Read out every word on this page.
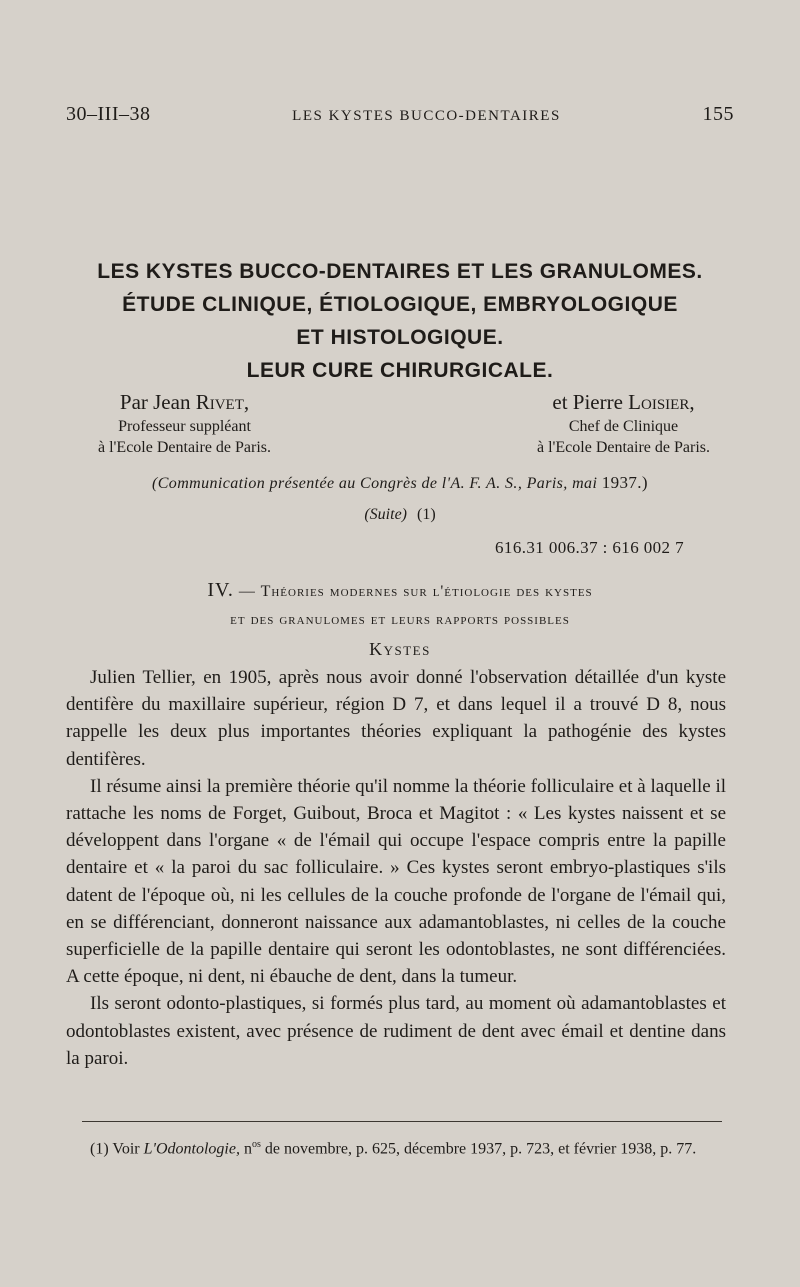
30–III–38	LES KYSTES BUCCO-DENTAIRES	155
LES KYSTES BUCCO-DENTAIRES ET LES GRANULOMES.
ÉTUDE CLINIQUE, ÉTIOLOGIQUE, EMBRYOLOGIQUE
ET HISTOLOGIQUE.
LEUR CURE CHIRURGICALE.
Par Jean Rivet,
Professeur suppléant
à l'Ecole Dentaire de Paris.
et Pierre Loisier,
Chef de Clinique
à l'Ecole Dentaire de Paris.
(Communication présentée au Congrès de l'A. F. A. S., Paris, mai 1937.)
(Suite) (1)
616.31 006.37 : 616 002 7
IV. — Théories modernes sur l'étiologie des kystes
et des granulomes et leurs rapports possibles
Kystes

Julien Tellier, en 1905, après nous avoir donné l'observation détaillée d'un kyste dentifère du maxillaire supérieur, région D 7, et dans lequel il a trouvé D 8, nous rappelle les deux plus importantes théories expliquant la pathogénie des kystes dentifères.

Il résume ainsi la première théorie qu'il nomme la théorie folliculaire et à laquelle il rattache les noms de Forget, Guibout, Broca et Magitot : « Les kystes naissent et se développent dans l'organe « de l'émail qui occupe l'espace compris entre la papille dentaire et « la paroi du sac folliculaire. » Ces kystes seront embryo-plastiques s'ils datent de l'époque où, ni les cellules de la couche profonde de l'organe de l'émail qui, en se différenciant, donneront naissance aux adamantoblastes, ni celles de la couche superficielle de la papille dentaire qui seront les odontoblastes, ne sont différenciées. A cette époque, ni dent, ni ébauche de dent, dans la tumeur.

Ils seront odonto-plastiques, si formés plus tard, au moment où adamantoblastes et odontoblastes existent, avec présence de rudiment de dent avec émail et dentine dans la paroi.

(1) Voir L'Odontologie, $n^{os}$ de novembre, p. 625, décembre 1937, p. 723, et février 1938, p. 77.
